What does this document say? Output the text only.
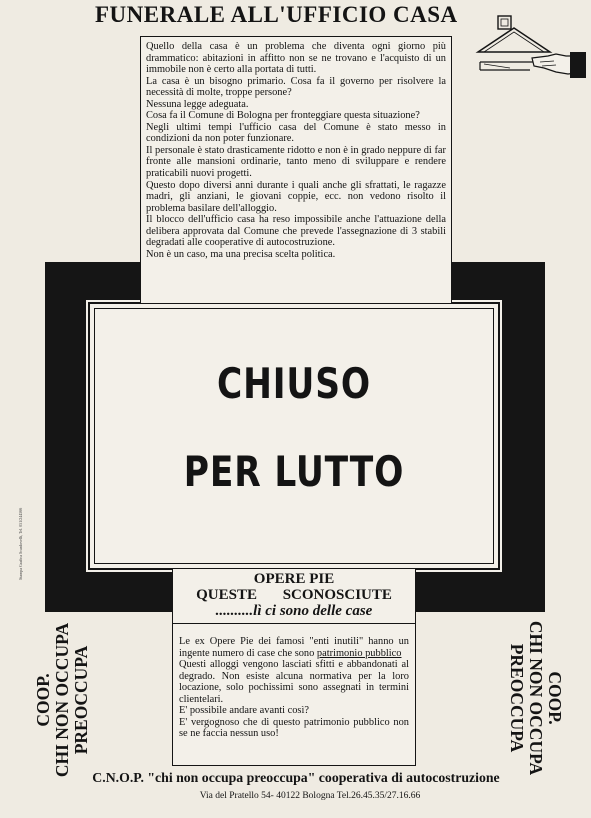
FUNERALE ALL'UFFICIO CASA
CHIUSO
PER LUTTO

Quello della casa è un problema che diventa ogni giorno più drammatico: abitazioni in affitto non se ne trovano e l'acquisto di un immobile non è certo alla portata di tutti.

La casa è un bisogno primario. Cosa fa il governo per risolvere la necessità di molte, troppe persone?

Nessuna legge adeguata.

Cosa fa il Comune di Bologna per fronteggiare questa situazione?

Negli ultimi tempi l'ufficio casa del Comune è stato messo in condizioni da non poter funzionare.

Il personale è stato drasticamente ridotto e non è in grado neppure di far fronte alle mansioni ordinarie, tanto meno di sviluppare e rendere praticabili nuovi progetti.

Questo dopo diversi anni durante i quali anche gli sfrattati, le ragazze madri, gli anziani, le giovani coppie, ecc. non vedono risolto il problema basilare dell'alloggio.

Il blocco dell'ufficio casa ha reso impossibile anche l'attuazione della delibera approvata dal Comune che prevede l'assegnazione di 3 stabili degradati alle cooperative di autocostruzione.

Non è un caso, ma una precisa scelta politica.

OPERE PIE
QUESTE SCONOSCIUTE
..........lì ci sono delle case

Le ex Opere Pie dei famosi "enti inutili" hanno un ingente numero di case che sono patrimonio pubblico

Questi alloggi vengono lasciati sfitti e abbandonati al degrado. Non esiste alcuna normativa per la loro locazione, solo pochissimi sono assegnati in termini clientelari.

E' possibile andare avanti così?

E' vergognoso che di questo patrimonio pubblico non se ne faccia nessun uso!

COOP. CHI NON OCCUPA PREOCCUPA	COOP.
CHI NON OCCUPA
PREOCCUPA
Stampa Grafica Scardovelli, Tel. 051/244566
C.N.O.P. "chi non occupa preoccupa" cooperativa di autocostruzione
Via del Pratello 54- 40122 Bologna Tel.26.45.35/27.16.66
